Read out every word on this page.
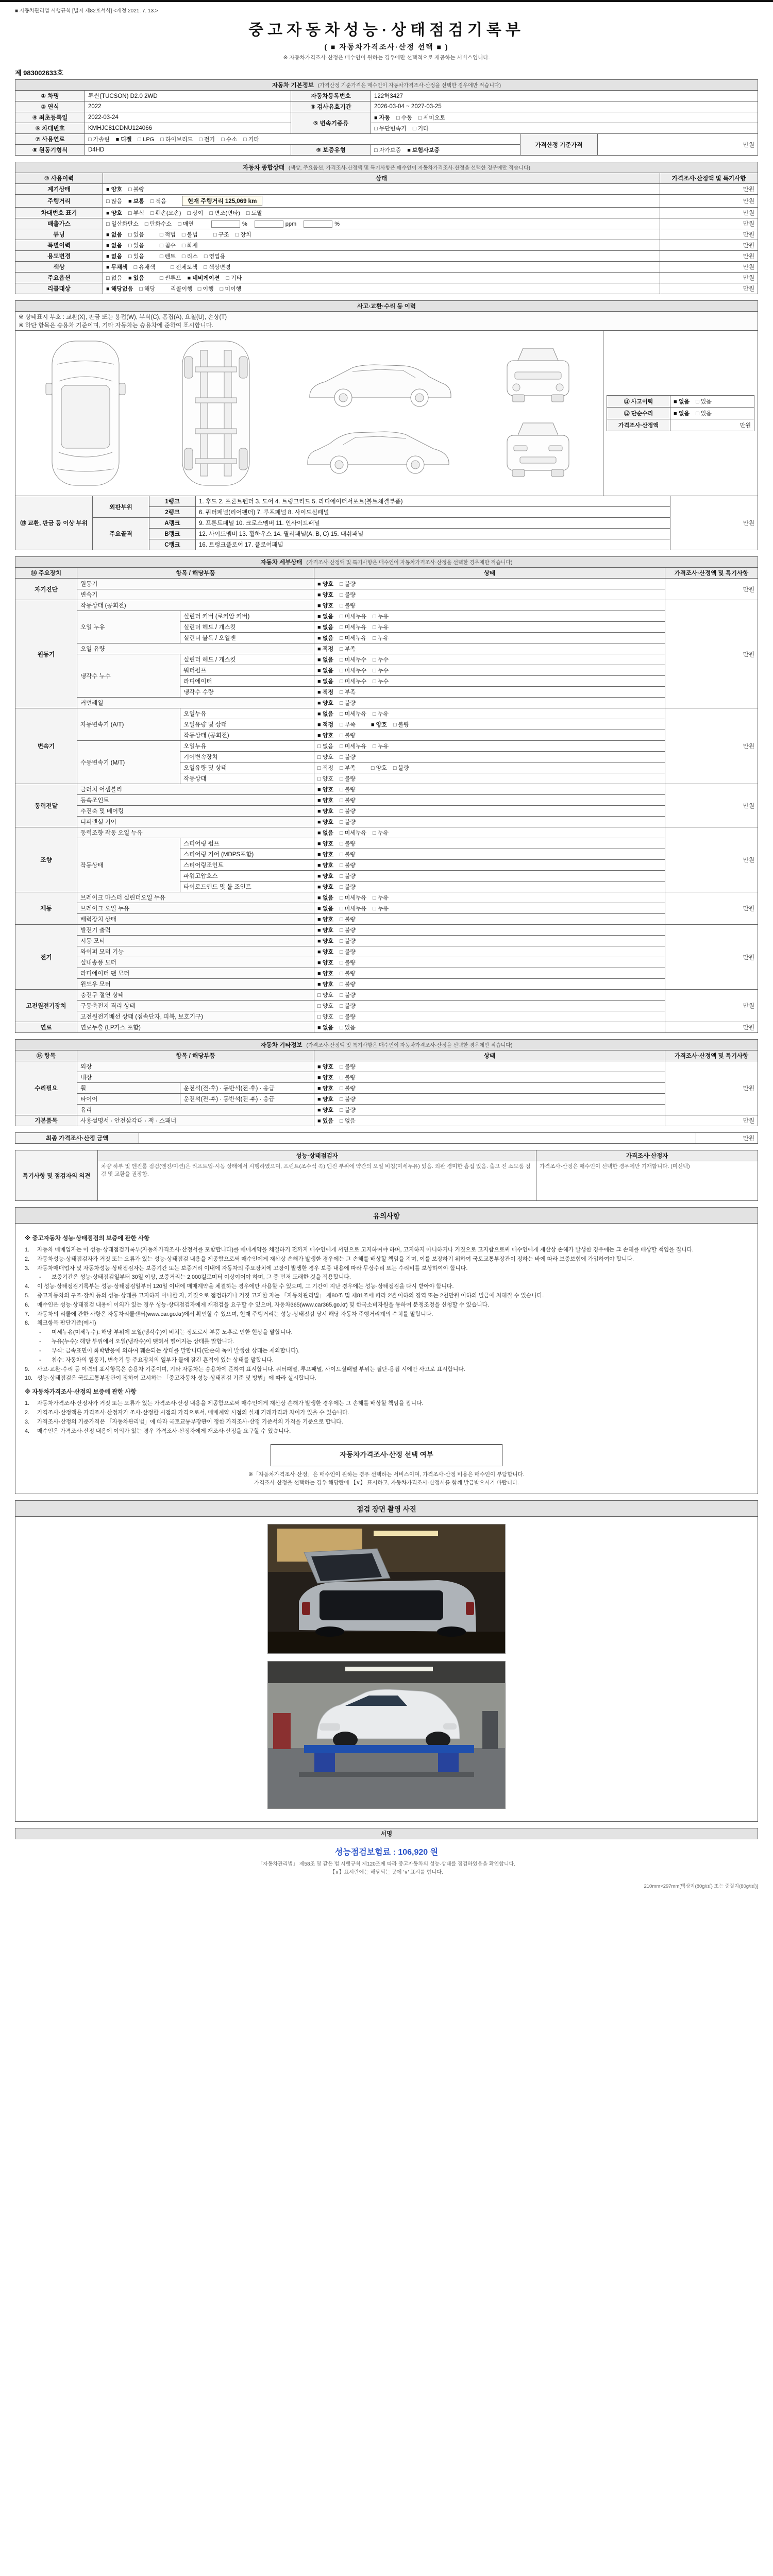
■ 자동차관리법 시행규칙 [별지 제82호서식] <개정 2021. 7. 13.>
중고자동차성능·상태점검기록부
( ■ 자동차가격조사·산정 선택 ■ )
※ 자동차가격조사·산정은 매수인이 원하는 경우에만 선택적으로 제공하는 서비스입니다.
제 983002633호
자동차 기본정보 (가격산정 기준가격은 매수인이 자동차가격조사·산정을 선택한 경우에만 적습니다)					
① 차명	투싼(TUCSON) D2.0 2WD	자동차등록번호	122허3427		
② 연식	2022	③ 검사유효기간	2026-03-04 ~ 2027-03-25		
④ 최초등록일	2022-03-24	⑤ 변속기종류	■ 자동 □ 수동 □ 세미오토		
⑥ 차대번호	KMHJC81CDNU124066		□ 무단변속기 □ 기타		
⑦ 사용연료	□ 가솔린 ■ 디젤 □ LPG □ 하이브리드 □ 전기 □ 수소 □ 기타			가격산정 기준가격	만원
⑧ 원동기형식	D4HD	⑨ 보증유형	□ 자가보증 ■ 보험사보증		
자동차 종합상태 (색상, 주요옵션, 가격조사·산정액 및 특기사항은 매수인이 자동차가격조사·산정을 선택한 경우에만 적습니다)		
⑩ 사용이력	상태	가격조사·산정액 및 특기사항
계기상태	■ 양호 □ 불량	만원
주행거리	□ 많음 ■ 보통 □ 적음 현재 주행거리 125,069 km	만원
차대번호 표기	■ 양호 □ 부식 □ 훼손(오손) □ 상이 □ 변조(변타) □ 도말	만원
배출가스	□ 일산화탄소 □ 탄화수소 □ 매연 % ppm %	만원
튜닝	■ 없음 □ 있음 □ 적법 □ 불법 □ 구조 □ 장치	만원
특별이력	■ 없음 □ 있음 □ 침수 □ 화재	만원
용도변경	■ 없음 □ 있음 □ 렌트 □ 리스 □ 영업용	만원
색상	■ 무채색 □ 유채색 □ 전체도색 □ 색상변경	만원
주요옵션	□ 없음 ■ 있음 □ 썬루프 ■ 네비게이션 □ 기타	만원
리콜대상	■ 해당없음 □ 해당 리콜이행 □ 이행 □ 미이행	만원
사고·교환·수리 등 이력

※ 상태표시 부호 : 교환(X), 판금 또는 용접(W), 부식(C), 흠집(A), 요철(U), 손상(T)
※ 하단 항목은 승용차 기준이며, 기타 자동차는 승용차에 준하여 표시합니다.

⑪ 사고이력	■ 없음 □ 있음
⑫ 단순수리	■ 없음 □ 있음
가격조사·산정액	만원
⑬ 교환, 판금 등 이상 부위	외판부위	1랭크	1. 후드 2. 프론트펜더 3. 도어 4. 트렁크리드 5. 라디에이터서포트(볼트체결부품)	만원
		2랭크	6. 쿼터패널(리어펜더) 7. 루프패널 8. 사이드실패널	
	주요골격	A랭크	9. 프론트패널 10. 크로스멤버 11. 인사이드패널	
		B랭크	12. 사이드멤버 13. 휠하우스 14. 필러패널(A, B, C) 15. 대쉬패널	
		C랭크	16. 트렁크플로어 17. 플로어패널	
자동차 세부상태 (가격조사·산정액 및 특기사항은 매수인이 자동차가격조사·산정을 선택한 경우에만 적습니다)				
⑭ 주요장치	항목 / 해당부품		상태	가격조사·산정액 및 특기사항
자기진단	원동기		■ 양호 □ 불량	만원
	변속기		■ 양호 □ 불량	
원동기	작동상태 (공회전)		■ 양호 □ 불량	만원
	오일 누유	실린더 커버 (로커암 커버)	■ 없음 □ 미세누유 □ 누유	
		실린더 헤드 / 개스킷	■ 없음 □ 미세누유 □ 누유	
		실린더 블록 / 오일팬	■ 없음 □ 미세누유 □ 누유	
	오일 유량		■ 적정 □ 부족	
	냉각수 누수	실린더 헤드 / 개스킷	■ 없음 □ 미세누수 □ 누수	
		워터펌프	■ 없음 □ 미세누수 □ 누수	
		라디에이터	■ 없음 □ 미세누수 □ 누수	
		냉각수 수량	■ 적정 □ 부족	
	커먼레일		■ 양호 □ 불량	
변속기	자동변속기 (A/T)	오일누유	■ 없음 □ 미세누유 □ 누유	만원
		오일유량 및 상태	■ 적정 □ 부족 ■ 양호 □ 불량	
		작동상태 (공회전)	■ 양호 □ 불량	
	수동변속기 (M/T)	오일누유	□ 없음 □ 미세누유 □ 누유	
		기어변속장치	□ 양호 □ 불량	
		오일유량 및 상태	□ 적정 □ 부족 □ 양호 □ 불량	
		작동상태	□ 양호 □ 불량	
동력전달	클러치 어셈블리		■ 양호 □ 불량	만원
	등속조인트		■ 양호 □ 불량	
	추진축 및 베어링		■ 양호 □ 불량	
	디퍼렌셜 기어		■ 양호 □ 불량	
조향	동력조향 작동 오일 누유		■ 없음 □ 미세누유 □ 누유	만원
	작동상태	스티어링 펌프	■ 양호 □ 불량	
		스티어링 기어 (MDPS포함)	■ 양호 □ 불량	
		스티어링조인트	■ 양호 □ 불량	
		파워고압호스	■ 양호 □ 불량	
		타이로드엔드 및 볼 조인트	■ 양호 □ 불량	
제동	브레이크 마스터 실린더오일 누유		■ 없음 □ 미세누유 □ 누유	만원
	브레이크 오일 누유		■ 없음 □ 미세누유 □ 누유	
	배력장치 상태		■ 양호 □ 불량	
전기	발전기 출력		■ 양호 □ 불량	만원
	시동 모터		■ 양호 □ 불량	
	와이퍼 모터 기능		■ 양호 □ 불량	
	실내송풍 모터		■ 양호 □ 불량	
	라디에이터 팬 모터		■ 양호 □ 불량	
	윈도우 모터		■ 양호 □ 불량	
고전원전기장치	충전구 절연 상태		□ 양호 □ 불량	만원
	구동축전지 격리 상태		□ 양호 □ 불량	
	고전원전기배선 상태 (접속단자, 피복, 보호기구)		□ 양호 □ 불량	
연료	연료누출 (LP가스 포함)		■ 없음 □ 있음	만원
자동차 기타정보 (가격조사·산정액 및 특기사항은 매수인이 자동차가격조사·산정을 선택한 경우에만 적습니다)				
⑮ 항목	항목 / 해당부품		상태	가격조사·산정액 및 특기사항
수리필요	외장		■ 양호 □ 불량	만원
	내장		■ 양호 □ 불량	
	휠	운전석(전·후) · 동반석(전·후) · 응급	■ 양호 □ 불량	
	타이어	운전석(전·후) · 동반석(전·후) · 응급	■ 양호 □ 불량	
	유리		■ 양호 □ 불량	
기본품목	사용설명서 · 안전삼각대 · 잭 · 스패너		■ 있음 □ 없음	만원
최종 가격조사·산정 금액		만원
특기사항 및 점검자의 의견	성능·상태점검자	가격조사·산정자
	차량 하부 및 엔진룸 점검(엔진/미션)은 리프트업·시동 상태에서 시행하였으며, 프런트(조수석 쪽) 엔진 부위에 약간의 오일 비침(미세누유) 있음. 외판 경미한 흠집 있음. 출고 전 소모품 점검 및 교환을 권장함.	가격조사·산정은 매수인이 선택한 경우에만 기재합니다. (미선택)
유의사항
※ 중고자동차 성능·상태점검의 보증에 관한 사항
1.	자동차 매매업자는 이 성능·상태점검기록부(자동차가격조사·산정서를 포함합니다)를 매매계약을 체결하기 전까지 매수인에게 서면으로 고지하여야 하며, 고지하지 아니하거나 거짓으로 고지함으로써 매수인에게 재산상 손해가 발생한 경우에는 그 손해를 배상할 책임을 집니다.
2.	자동차성능·상태점검자가 거짓 또는 오류가 있는 성능·상태점검 내용을 제공함으로써 매수인에게 재산상 손해가 발생한 경우에는 그 손해를 배상할 책임을 지며, 이를 보장하기 위하여 국토교통부장관이 정하는 바에 따라 보증보험에 가입하여야 합니다.
3.	자동차매매업자 및 자동차성능·상태점검자는 보증기간 또는 보증거리 이내에 자동차의 주요장치에 고장이 발생한 경우 보증 내용에 따라 무상수리 또는 수리비를 보상하여야 합니다.
-	보증기간은 성능·상태점검일부터 30일 이상, 보증거리는 2,000킬로미터 이상이어야 하며, 그 중 먼저 도래한 것을 적용합니다.
4.	이 성능·상태점검기록부는 성능·상태점검일부터 120일 이내에 매매계약을 체결하는 경우에만 사용할 수 있으며, 그 기간이 지난 경우에는 성능·상태점검을 다시 받아야 합니다.
5.	중고자동차의 구조·장치 등의 성능·상태를 고지하지 아니한 자, 거짓으로 점검하거나 거짓 고지한 자는 「자동차관리법」 제80조 및 제81조에 따라 2년 이하의 징역 또는 2천만원 이하의 벌금에 처해질 수 있습니다.
6.	매수인은 성능·상태점검 내용에 이의가 있는 경우 성능·상태점검자에게 재점검을 요구할 수 있으며, 자동차365(www.car365.go.kr) 및 한국소비자원을 통하여 분쟁조정을 신청할 수 있습니다.
7.	자동차의 리콜에 관한 사항은 자동차리콜센터(www.car.go.kr)에서 확인할 수 있으며, 현재 주행거리는 성능·상태점검 당시 해당 자동차 주행거리계의 수치를 말합니다.
8.	체크항목 판단기준(예시)
-	미세누유(미세누수): 해당 부위에 오일(냉각수)이 비치는 정도로서 부품 노후로 인한 현상을 말합니다.
-	누유(누수): 해당 부위에서 오일(냉각수)이 맺혀서 떨어지는 상태를 말합니다.
-	부식: 금속표면이 화학반응에 의하여 훼손되는 상태를 말합니다(단순히 녹이 발생한 상태는 제외합니다).
-	침수: 자동차의 원동기, 변속기 등 주요장치의 일부가 물에 잠긴 흔적이 있는 상태를 말합니다.
9.	사고·교환·수리 등 이력의 표시항목은 승용차 기준이며, 기타 자동차는 승용차에 준하여 표시합니다. 쿼터패널, 루프패널, 사이드실패널 부위는 절단·용접 시에만 사고로 표시합니다.
10. 성능·상태점검은 국토교통부장관이 정하여 고시하는 「중고자동차 성능·상태점검 기준 및 방법」에 따라 실시합니다.
※ 자동차가격조사·산정의 보증에 관한 사항
1.	자동차가격조사·산정자가 거짓 또는 오류가 있는 가격조사·산정 내용을 제공함으로써 매수인에게 재산상 손해가 발생한 경우에는 그 손해를 배상할 책임을 집니다.
2.	가격조사·산정액은 가격조사·산정자가 조사·산정한 시점의 가격으로서, 매매계약 시점의 실제 거래가격과 차이가 있을 수 있습니다.
3.	가격조사·산정의 기준가격은 「자동차관리법」에 따라 국토교통부장관이 정한 가격조사·산정 기준서의 가격을 기준으로 합니다.
4.	매수인은 가격조사·산정 내용에 이의가 있는 경우 가격조사·산정자에게 재조사·산정을 요구할 수 있습니다.
자동차가격조사·산정 선택 여부
※「자동차가격조사·산정」은 매수인이 원하는 경우 선택하는 서비스이며, 가격조사·산정 비용은 매수인이 부담합니다.
가격조사·산정을 선택하는 경우 해당란에 【∨】 표시하고, 자동차가격조사·산정서를 함께 발급받으시기 바랍니다.
점검 장면 촬영 사진
서명
성능점검보험료 : 106,920 원
「자동차관리법」 제58조 및 같은 법 시행규칙 제120조에 따라 중고자동차의 성능·상태를 점검하였음을 확인합니다.
【∨】표시란에는 해당되는 곳에 '∨' 표시를 합니다.
210mm×297mm[백상지(80g/㎡) 또는 중질지(80g/㎡)]
